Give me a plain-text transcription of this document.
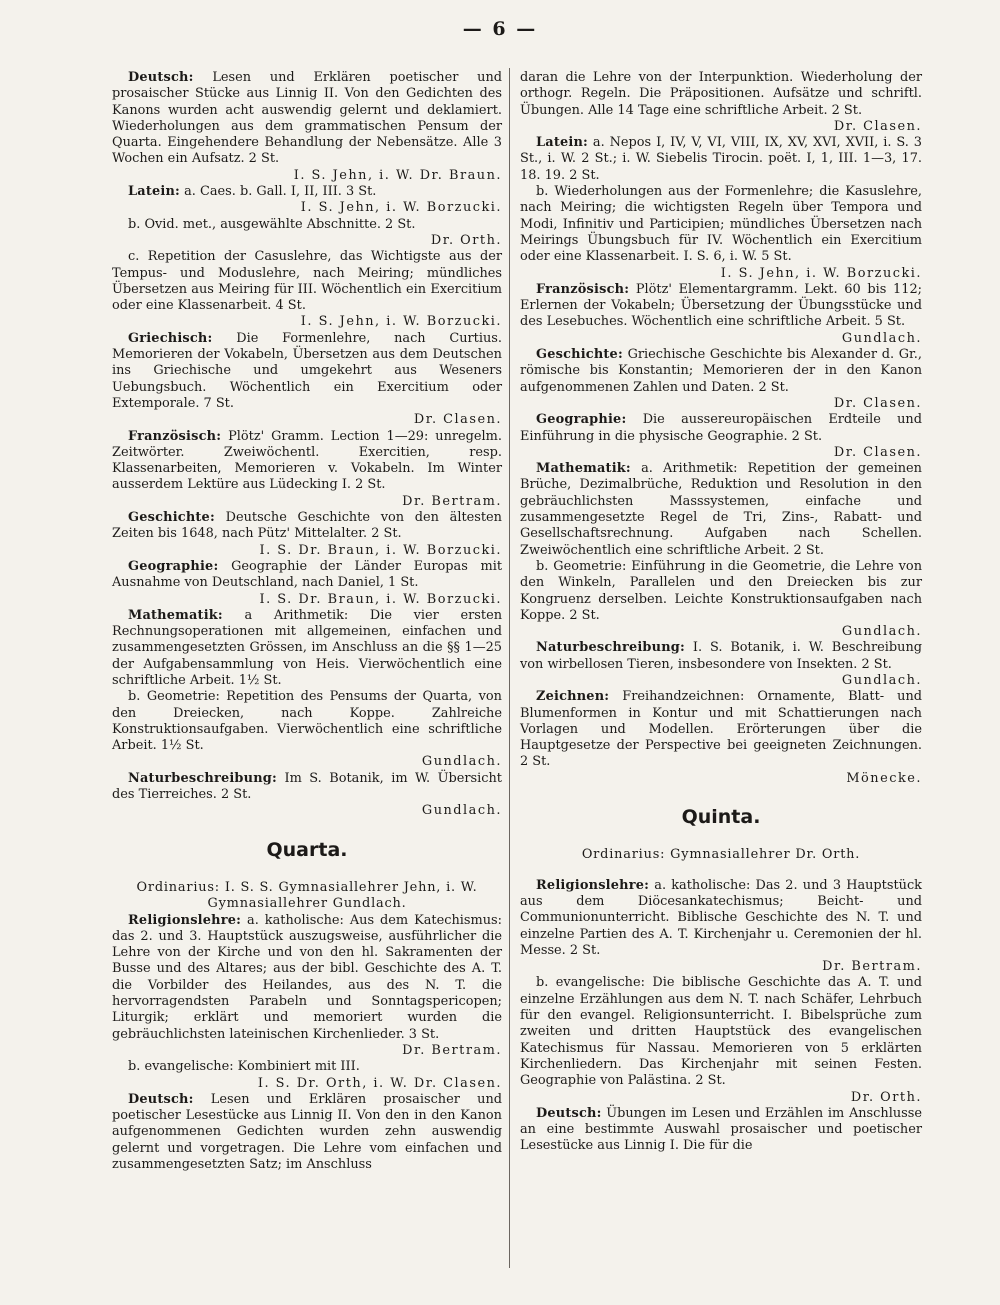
— 6 —

Deutsch: Lesen und Erklären poetischer und prosaischer Stücke aus Linnig II. Von den Gedichten des Kanons wurden acht auswendig gelernt und deklamiert. Wiederholungen aus dem grammatischen Pensum der Quarta. Eingehendere Behandlung der Nebensätze. Alle 3 Wochen ein Aufsatz. 2 St.

I. S. Jehn, i. W. Dr. Braun.

Latein: a. Caes. b. Gall. I, II, III. 3 St.

I. S. Jehn, i. W. Borzucki.

b. Ovid. met., ausgewählte Abschnitte. 2 St.

Dr. Orth.

c. Repetition der Casuslehre, das Wichtigste aus der Tempus- und Moduslehre, nach Meiring; mündliches Übersetzen aus Meiring für III. Wöchentlich ein Exercitium oder eine Klassenarbeit. 4 St.

I. S. Jehn, i. W. Borzucki.

Griechisch: Die Formenlehre, nach Curtius. Memorieren der Vokabeln, Übersetzen aus dem Deutschen ins Griechische und umgekehrt aus Weseners Uebungsbuch. Wöchentlich ein Exercitium oder Extemporale. 7 St.

Dr. Clasen.

Französisch: Plötz' Gramm. Lection 1—29: unregelm. Zeitwörter. Zweiwöchentl. Exercitien, resp. Klassenarbeiten, Memorieren v. Vokabeln. Im Winter ausserdem Lektüre aus Lüdecking I. 2 St.

Dr. Bertram.

Geschichte: Deutsche Geschichte von den ältesten Zeiten bis 1648, nach Pütz' Mittelalter. 2 St.

I. S. Dr. Braun, i. W. Borzucki.

Geographie: Geographie der Länder Europas mit Ausnahme von Deutschland, nach Daniel, 1 St.

I. S. Dr. Braun, i. W. Borzucki.

Mathematik: a Arithmetik: Die vier ersten Rechnungsoperationen mit allgemeinen, einfachen und zusammengesetzten Grössen, im Anschluss an die §§ 1—25 der Aufgabensammlung von Heis. Vierwöchentlich eine schriftliche Arbeit. 1½ St.

b. Geometrie: Repetition des Pensums der Quarta, von den Dreiecken, nach Koppe. Zahlreiche Konstruktionsaufgaben. Vierwöchentlich eine schriftliche Arbeit. 1½ St.

Gundlach.

Naturbeschreibung: Im S. Botanik, im W. Übersicht des Tierreiches. 2 St.

Gundlach.

Quarta.

Ordinarius: I. S. S. Gymnasiallehrer Jehn, i. W. Gymnasiallehrer Gundlach.

Religionslehre: a. katholische: Aus dem Katechismus: das 2. und 3. Hauptstück auszugsweise, ausführlicher die Lehre von der Kirche und von den hl. Sakramenten der Busse und des Altares; aus der bibl. Geschichte des A. T. die Vorbilder des Heilandes, aus des N. T. die hervorragendsten Parabeln und Sonntagspericopen; Liturgik; erklärt und memoriert wurden die gebräuchlichsten lateinischen Kirchenlieder. 3 St.

Dr. Bertram.

b. evangelische: Kombiniert mit III.

I. S. Dr. Orth, i. W. Dr. Clasen.

Deutsch: Lesen und Erklären prosaischer und poetischer Lesestücke aus Linnig II. Von den in den Kanon aufgenommenen Gedichten wurden zehn auswendig gelernt und vorgetragen. Die Lehre vom einfachen und zusammengesetzten Satz; im Anschluss

daran die Lehre von der Interpunktion. Wiederholung der orthogr. Regeln. Die Präpositionen. Aufsätze und schriftl. Übungen. Alle 14 Tage eine schriftliche Arbeit. 2 St.

Dr. Clasen.

Latein: a. Nepos I, IV, V, VI, VIII, IX, XV, XVI, XVII, i. S. 3 St., i. W. 2 St.; i. W. Siebelis Tirocin. poët. I, 1, III. 1—3, 17. 18. 19. 2 St.

b. Wiederholungen aus der Formenlehre; die Kasuslehre, nach Meiring; die wichtigsten Regeln über Tempora und Modi, Infinitiv und Participien; mündliches Übersetzen nach Meirings Übungsbuch für IV. Wöchentlich ein Exercitium oder eine Klassenarbeit. I. S. 6, i. W. 5 St.

I. S. Jehn, i. W. Borzucki.

Französisch: Plötz' Elementargramm. Lekt. 60 bis 112; Erlernen der Vokabeln; Übersetzung der Übungsstücke und des Lesebuches. Wöchentlich eine schriftliche Arbeit. 5 St.

Gundlach.

Geschichte: Griechische Geschichte bis Alexander d. Gr., römische bis Konstantin; Memorieren der in den Kanon aufgenommenen Zahlen und Daten. 2 St.

Dr. Clasen.

Geographie: Die aussereuropäischen Erdteile und Einführung in die physische Geographie. 2 St.

Dr. Clasen.

Mathematik: a. Arithmetik: Repetition der gemeinen Brüche, Dezimalbrüche, Reduktion und Resolution in den gebräuchlichsten Masssystemen, einfache und zusammengesetzte Regel de Tri, Zins-, Rabatt- und Gesellschaftsrechnung. Aufgaben nach Schellen. Zweiwöchentlich eine schriftliche Arbeit. 2 St.

b. Geometrie: Einführung in die Geometrie, die Lehre von den Winkeln, Parallelen und den Dreiecken bis zur Kongruenz derselben. Leichte Konstruktionsaufgaben nach Koppe. 2 St.

Gundlach.

Naturbeschreibung: I. S. Botanik, i. W. Beschreibung von wirbellosen Tieren, insbesondere von Insekten. 2 St.

Gundlach.

Zeichnen: Freihandzeichnen: Ornamente, Blatt- und Blumenformen in Kontur und mit Schattierungen nach Vorlagen und Modellen. Erörterungen über die Hauptgesetze der Perspective bei geeigneten Zeichnungen. 2 St.

Mönecke.

Quinta.

Ordinarius: Gymnasiallehrer Dr. Orth.

Religionslehre: a. katholische: Das 2. und 3 Hauptstück aus dem Diöcesankatechismus; Beicht- und Communionunterricht. Biblische Geschichte des N. T. und einzelne Partien des A. T. Kirchenjahr u. Ceremonien der hl. Messe. 2 St.

Dr. Bertram.

b. evangelische: Die biblische Geschichte das A. T. und einzelne Erzählungen aus dem N. T. nach Schäfer, Lehrbuch für den evangel. Religionsunterricht. I. Bibelsprüche zum zweiten und dritten Hauptstück des evangelischen Katechismus für Nassau. Memorieren von 5 erklärten Kirchenliedern. Das Kirchenjahr mit seinen Festen. Geographie von Palästina. 2 St.

Dr. Orth.

Deutsch: Übungen im Lesen und Erzählen im Anschlusse an eine bestimmte Auswahl prosaischer und poetischer Lesestücke aus Linnig I. Die für die
